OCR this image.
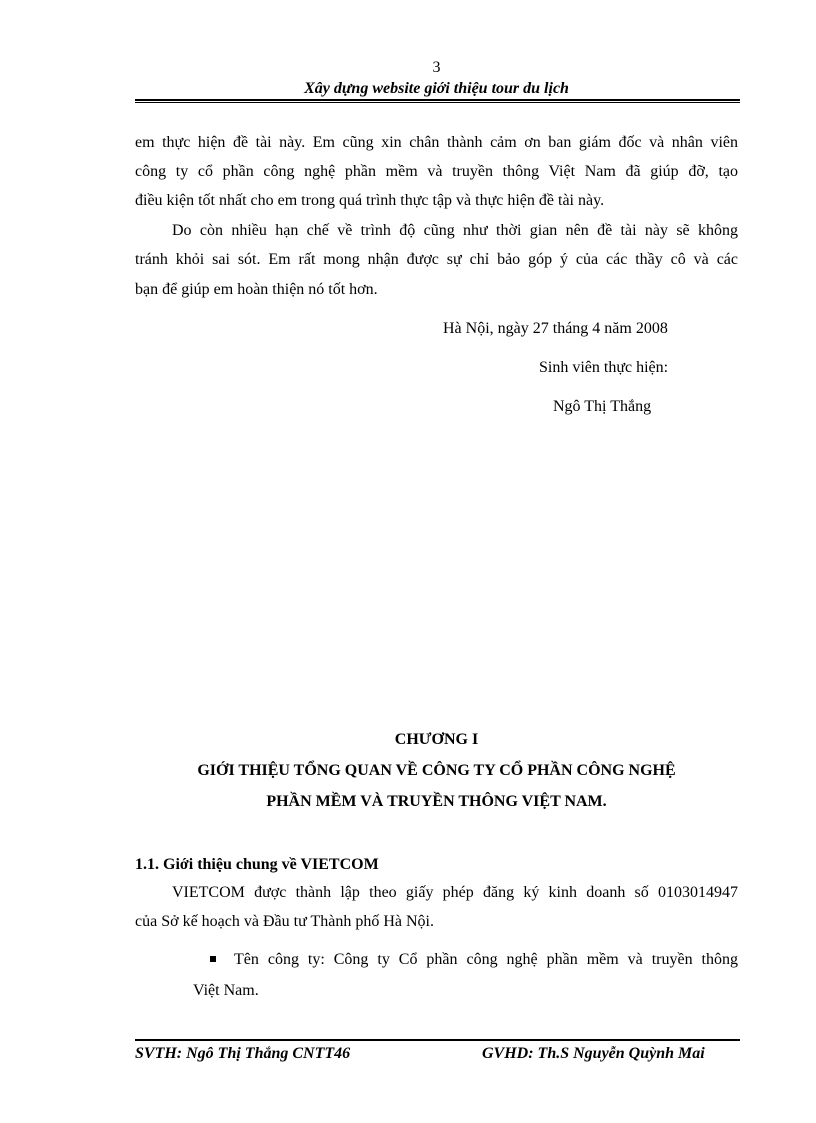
3
Xây dựng website giới thiệu tour du lịch
em thực hiện đề tài này. Em cũng xin chân thành cảm ơn ban giám đốc và nhân viên
công ty cổ phần công nghệ phần mềm và truyền thông Việt Nam đã giúp đỡ, tạo
điều kiện tốt nhất cho em trong quá trình thực tập và thực hiện đề tài này.
Do còn nhiều hạn chế về trình độ cũng như thời gian nên đề tài này sẽ không
tránh khỏi sai sót. Em rất mong nhận được sự chỉ bảo góp ý của các thầy cô và các
bạn để giúp em hoàn thiện nó tốt hơn.
Hà Nội, ngày 27 tháng 4 năm 2008
Sinh viên thực hiện:
Ngô Thị Thắng
CHƯƠNG I
GIỚI THIỆU TỔNG QUAN VỀ CÔNG TY CỔ PHẦN CÔNG NGHỆ
PHẦN MỀM VÀ TRUYỀN THÔNG VIỆT NAM.
1.1. Giới thiệu chung về VIETCOM
VIETCOM được thành lập theo giấy phép đăng ký kinh doanh số 0103014947
của Sở kế hoạch và Đầu tư Thành phố Hà Nội.
Tên công ty: Công ty Cổ phần công nghệ phần mềm và truyền thông
Việt Nam.
SVTH: Ngô Thị Thắng CNTT46	GVHD: Th.S Nguyễn Quỳnh Mai
